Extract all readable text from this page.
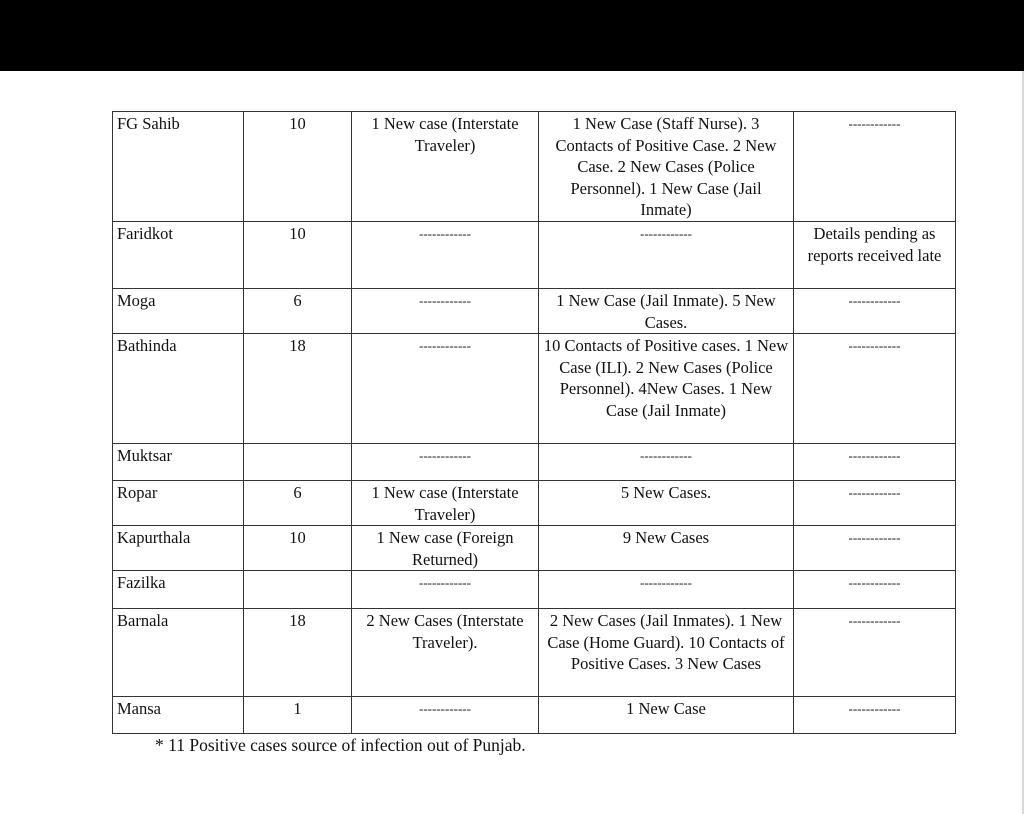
FG Sahib	10	1 New case (Interstate Traveler)	1 New Case (Staff Nurse). 3 Contacts of Positive Case. 2 New Case. 2 New Cases (Police Personnel). 1 New Case (Jail Inmate)	------------
Faridkot	10	------------	------------	Details pending as reports received late
Moga	6	------------	1 New Case (Jail Inmate). 5 New Cases.	------------
Bathinda	18	------------	10 Contacts of Positive cases. 1 New Case (ILI). 2 New Cases (Police Personnel). 4New Cases. 1 New Case (Jail Inmate)	------------
Muktsar		------------	------------	------------
Ropar	6	1 New case (Interstate Traveler)	5 New Cases.	------------
Kapurthala	10	1 New case (Foreign Returned)	9 New Cases	------------
Fazilka		------------	------------	------------
Barnala	18	2 New Cases (Interstate Traveler).	2 New Cases (Jail Inmates). 1 New Case (Home Guard). 10 Contacts of Positive Cases. 3 New Cases	------------
Mansa	1	------------	1 New Case	------------
* 11 Positive cases source of infection out of Punjab.
